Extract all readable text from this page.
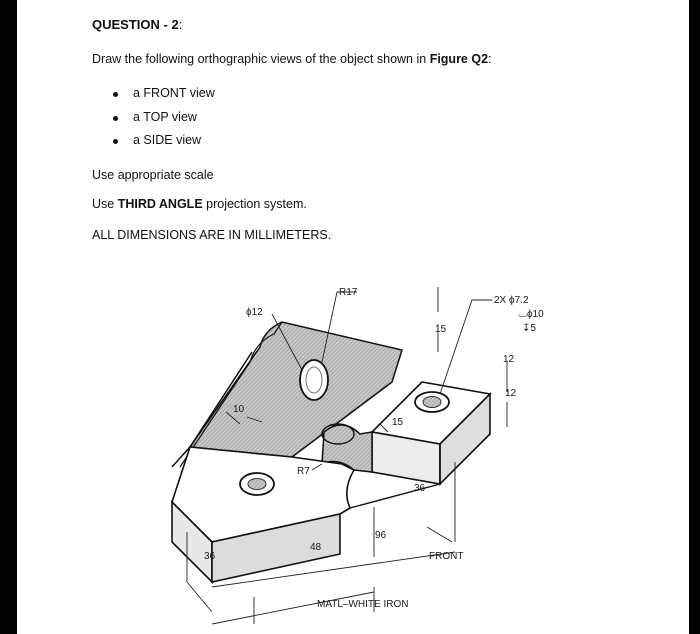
QUESTION - 2:
Draw the following orthographic views of the object shown in Figure Q2:
a FRONT view
a TOP view
a SIDE view
Use appropriate scale
Use THIRD ANGLE projection system.
ALL DIMENSIONS ARE IN MILLIMETERS.
R17
ϕ12
2X ϕ7.2
⌴ϕ10
↧5
15
12
12
10
15
R7
36
96
48
36	FRONT
MATL–WHITE IRON
